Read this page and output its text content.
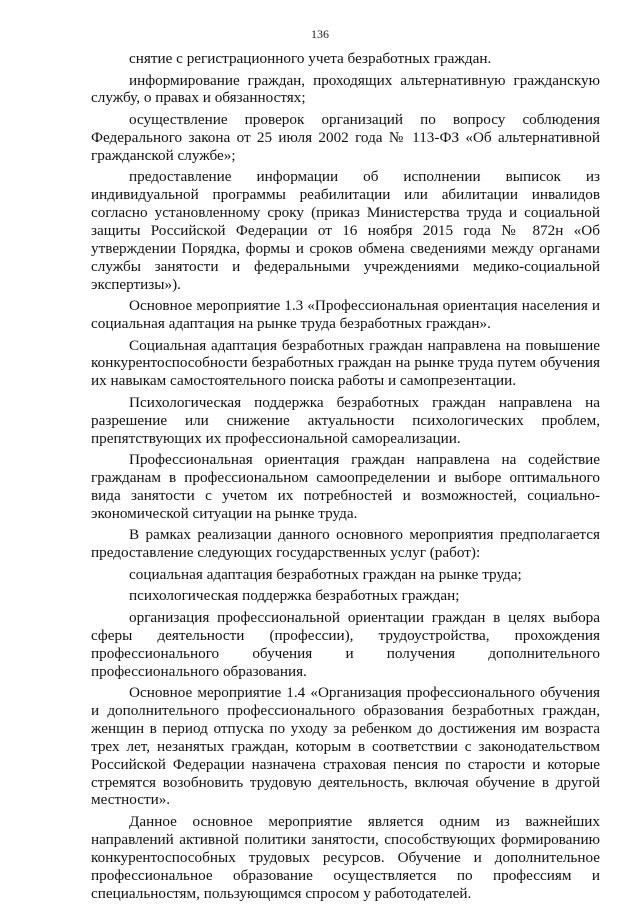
136

снятие с регистрационного учета безработных граждан.

информирование граждан, проходящих альтернативную гражданскую службу, о правах и обязанностях;

осуществление проверок организаций по вопросу соблюдения Федерального закона от 25 июля 2002 года № 113-ФЗ «Об альтернативной гражданской службе»;

предоставление информации об исполнении выписок из индивидуальной программы реабилитации или абилитации инвалидов согласно установленному сроку (приказ Министерства труда и социальной защиты Российской Федерации от 16 ноября 2015 года № 872н «Об утверждении Порядка, формы и сроков обмена сведениями между органами службы занятости и федеральными учреждениями медико-социальной экспертизы»).

Основное мероприятие 1.3 «Профессиональная ориентация населения и социальная адаптация на рынке труда безработных граждан».

Социальная адаптация безработных граждан направлена на повышение конкурентоспособности безработных граждан на рынке труда путем обучения их навыкам самостоятельного поиска работы и самопрезентации.

Психологическая поддержка безработных граждан направлена на разрешение или снижение актуальности психологических проблем, препятствующих их профессиональной самореализации.

Профессиональная ориентация граждан направлена на содействие гражданам в профессиональном самоопределении и выборе оптимального вида занятости с учетом их потребностей и возможностей, социально-экономической ситуации на рынке труда.

В рамках реализации данного основного мероприятия предполагается предоставление следующих государственных услуг (работ):

социальная адаптация безработных граждан на рынке труда;

психологическая поддержка безработных граждан;

организация профессиональной ориентации граждан в целях выбора сферы деятельности (профессии), трудоустройства, прохождения профессионального обучения и получения дополнительного профессионального образования.

Основное мероприятие 1.4 «Организация профессионального обучения и дополнительного профессионального образования безработных граждан, женщин в период отпуска по уходу за ребенком до достижения им возраста трех лет, незанятых граждан, которым в соответствии с законодательством Российской Федерации назначена страховая пенсия по старости и которые стремятся возобновить трудовую деятельность, включая обучение в другой местности».

Данное основное мероприятие является одним из важнейших направлений активной политики занятости, способствующих формированию конкурентоспособных трудовых ресурсов. Обучение и дополнительное профессиональное образование осуществляется по профессиям и специальностям, пользующимся спросом у работодателей.
